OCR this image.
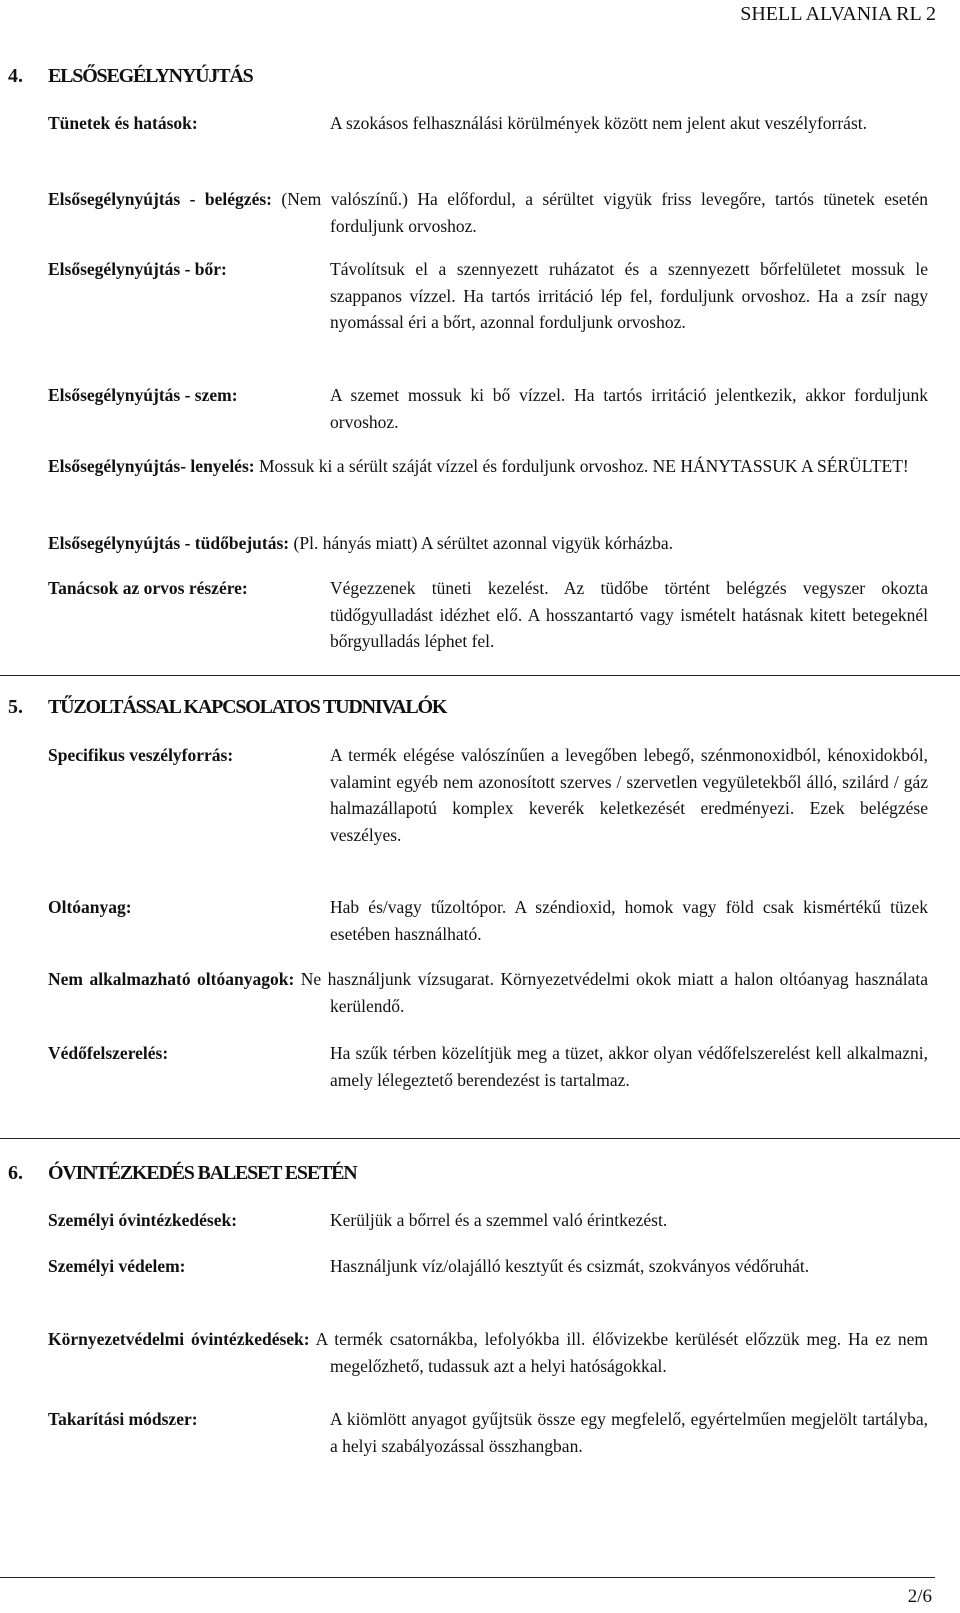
SHELL ALVANIA RL 2
4. ELSŐSEGÉLYNYÚJTÁS
Tünetek és hatások:	A szokásos felhasználási körülmények között nem jelent akut veszélyforrást.
Elsősegélynyújtás - belégzés: (Nem valószínű.) Ha előfordul, a sérültet vigyük friss levegőre, tartós tünetek esetén forduljunk orvoshoz.
Elsősegélynyújtás - bőr:	Távolítsuk el a szennyezett ruházatot és a szennyezett bőrfelületet mossuk le szappanos vízzel. Ha tartós irritáció lép fel, forduljunk orvoshoz. Ha a zsír nagy nyomással éri a bőrt, azonnal forduljunk orvoshoz.
Elsősegélynyújtás - szem:	A szemet mossuk ki bő vízzel. Ha tartós irritáció jelentkezik, akkor forduljunk orvoshoz.
Elsősegélynyújtás- lenyelés: Mossuk ki a sérült száját vízzel és forduljunk orvoshoz. NE HÁNYTASSUK A SÉRÜLTET!
Elsősegélynyújtás - tüdőbejutás: (Pl. hányás miatt) A sérültet azonnal vigyük kórházba.
Tanácsok az orvos részére:	Végezzenek tüneti kezelést. Az tüdőbe történt belégzés vegyszer okozta tüdőgyulladást idézhet elő. A hosszantartó vagy ismételt hatásnak kitett betegeknél bőrgyulladás léphet fel.
5. TŰZOLTÁSSAL KAPCSOLATOS TUDNIVALÓK
Specifikus veszélyforrás:	A termék elégése valószínűen a levegőben lebegő, szénmonoxidból, kénoxidokból, valamint egyéb nem azonosított szerves / szervetlen vegyületekből álló, szilárd / gáz halmazállapotú komplex keverék keletkezését eredményezi. Ezek belégzése veszélyes.
Oltóanyag:	Hab és/vagy tűzoltópor. A széndioxid, homok vagy föld csak kismértékű tüzek esetében használható.
Nem alkalmazható oltóanyagok: Ne használjunk vízsugarat. Környezetvédelmi okok miatt a halon oltóanyag használata kerülendő.
Védőfelszerelés:	Ha szűk térben közelítjük meg a tüzet, akkor olyan védőfelszerelést kell alkalmazni, amely lélegeztető berendezést is tartalmaz.
6. ÓVINTÉZKEDÉS BALESET ESETÉN
Személyi óvintézkedések:	Kerüljük a bőrrel és a szemmel való érintkezést.
Személyi védelem:	Használjunk víz/olajálló kesztyűt és csizmát, szokványos védőruhát.
Környezetvédelmi óvintézkedések: A termék csatornákba, lefolyókba ill. élővizekbe kerülését előzzük meg. Ha ez nem megelőzhető, tudassuk azt a helyi hatóságokkal.
Takarítási módszer:	A kiömlött anyagot gyűjtsük össze egy megfelelő, egyértelműen megjelölt tartályba, a helyi szabályozással összhangban.
2/6
